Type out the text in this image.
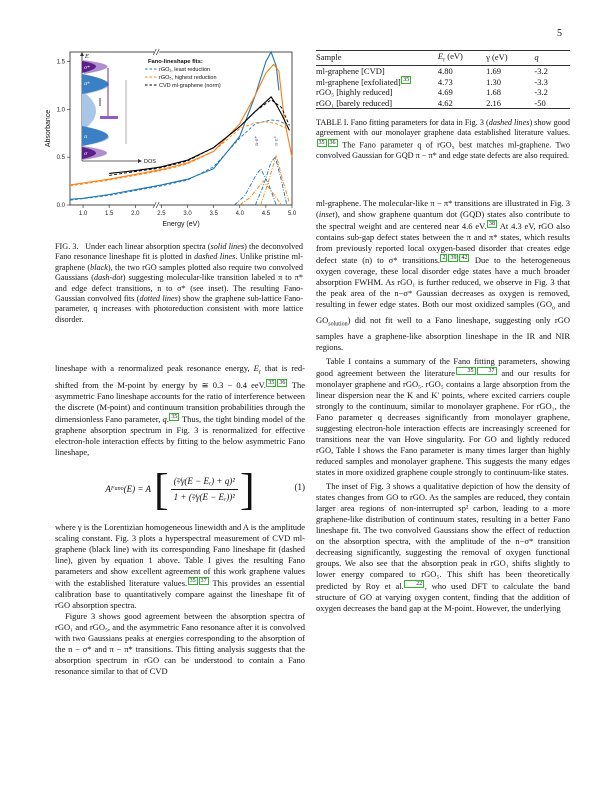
5
σ*
π*
π
σ
E
DOS
n-σ*	π-π*
1.0	1.5	2.0	2.5	3.0	3.5	4.0	4.5	5.0
0.0
0.5
1.0
1.5
Energy (eV)
Absorbance
Fano-lineshape fits:
rGO₁, least reduction
rGO₅, highest reduction
CVD ml-graphene (norm)
FIG. 3. Under each linear absorption spectra (solid lines) the deconvolved Fano resonance lineshape fit is plotted in dashed lines. Unlike pristine ml-graphene (black), the two rGO samples plotted also require two convolved Gaussians (dash-dot) suggesting molecular-like transition labeled π to π* and edge defect transitions, n to σ* (see inset). The resulting Fano-Gaussian convolved fits (dotted lines) show the graphene sub-lattice Fano-parameter, q increases with photoreduction consistent with more lattice disorder.
Sample	$E_r$ (eV)	γ (eV)	q
ml-graphene [CVD]	4.80	1.69	-3.2
ml-graphene [exfoliated] 35	4.73	1.30	-3.3
rGO₅ [highly reduced]	4.69	1.68	-3.2
rGO₁ [barely reduced]	4.62	2.16	-50
TABLE I. Fano fitting parameters for data in Fig. 3 (dashed lines) show good agreement with our monolayer graphene data established literature values.35 36 The Fano parameter q of rGO₅ best matches ml-graphene. Two convolved Gaussian for GQD π − π* and edge state defects are also required.

lineshape with a renormalized peak resonance energy, $E_r$ that is red-shifted from the M-point by energy by ≅ 0.3 − 0.4 eeV. 35 36 The asymmetric Fano lineshape accounts for the ratio of interference between the discrete (M-point) and continuum transition probabilities through the dimensionless Fano parameter, q. 35 Thus, the tight binding model of the graphene absorption spectrum in Fig. 3 is renormalized for effective electron-hole interaction effects by fitting to the below asymmetric Fano lineshape,

A Fano (E) = A [ $\frac{\text{(²⁄γ(E − Eᵣ) + q)²}}{\text{1 + (²⁄γ(E − Eᵣ))²}}$ ]	(1)

where γ is the Lorentizian homogeneous linewidth and A is the amplitude scaling constant. Fig. 3 plots a hyperspectral measurement of CVD ml-graphene (black line) with its corresponding Fano lineshape fit (dashed line), given by equation 1 above. Table I gives the resulting Fano parameters and show excellent agreement of this work graphene values with the established literature values. 35 37 This provides an essential calibration base to quantitatively compare against the lineshape fit of rGO absorption spectra.

Figure 3 shows good agreement between the absorption spectra of rGO₁ and rGO₅, and the asymmetric Fano resonance after it is convolved with two Gaussians peaks at energies corresponding to the absorption of the n − σ* and π − π* transitions. This fitting analysis suggests that the absorption spectrum in rGO can be understood to contain a Fano resonance similar to that of CVD

ml-graphene. The molecular-like π − π* transitions are illustrated in Fig. 3 (inset), and show graphene quantum dot (GQD) states also contribute to the spectral weight and are centered near 4.6 eV. 38 At 4.3 eV, rGO also contains sub-gap defect states between the π and π* states, which results from previously reported local oxygen-based disorder that creates edge defect state (n) to σ* transitions. 2 39 42 Due to the heterogeneous oxygen coverage, these local disorder edge states have a much broader absorption FWHM. As rGO₁ is further reduced, we observe in Fig. 3 that the peak area of the n−σ* Gaussian decreases as oxygen is removed, resulting in fewer edge states. Both our most oxidized samples ($GO_o$ and $GO_{solution}$) did not fit well to a Fano lineshape, suggesting only rGO samples have a graphene-like absorption lineshape in the IR and NIR regions.

Table I contains a summary of the Fano fitting parameters, showing good agreement between the literature 35	37 and our results for monolayer graphene and rGO₅. rGO₅ contains a large absorption from the linear dispersion near the K and K' points, where excited carriers couple strongly to the continuum, similar to monolayer graphene. For rGO₁, the Fano parameter q decreases significantly from monolayer graphene, suggesting electron-hole interaction effects are increasingly screened for transitions near the van Hove singularity. For GO and lightly reduced rGO, Table I shows the Fano parameter is many times larger than highly reduced samples and monolayer graphene. This suggests the many edges states in more oxidized graphene couple strongly to continuum-like states.

The inset of Fig. 3 shows a qualitative depiction of how the density of states changes from GO to rGO. As the samples are reduced, they contain larger area regions of non-interrupted sp² carbon, leading to a more graphene-like distribution of continuum states, resulting in a better Fano lineshape fit. The two convolved Gaussians show the effect of reduction on the absorption spectra, with the amplitude of the n−σ* transition decreasing significantly, suggesting the removal of oxygen functional groups. We also see that the absorption peak in rGO₁ shifts slightly to lower energy compared to rGO₅. This shift has been theoretically predicted by Roy et al. 22 , who used DFT to calculate the band structure of GO at varying oxygen content, finding that the addition of oxygen decreases the band gap at the M-point. However, the underlying
